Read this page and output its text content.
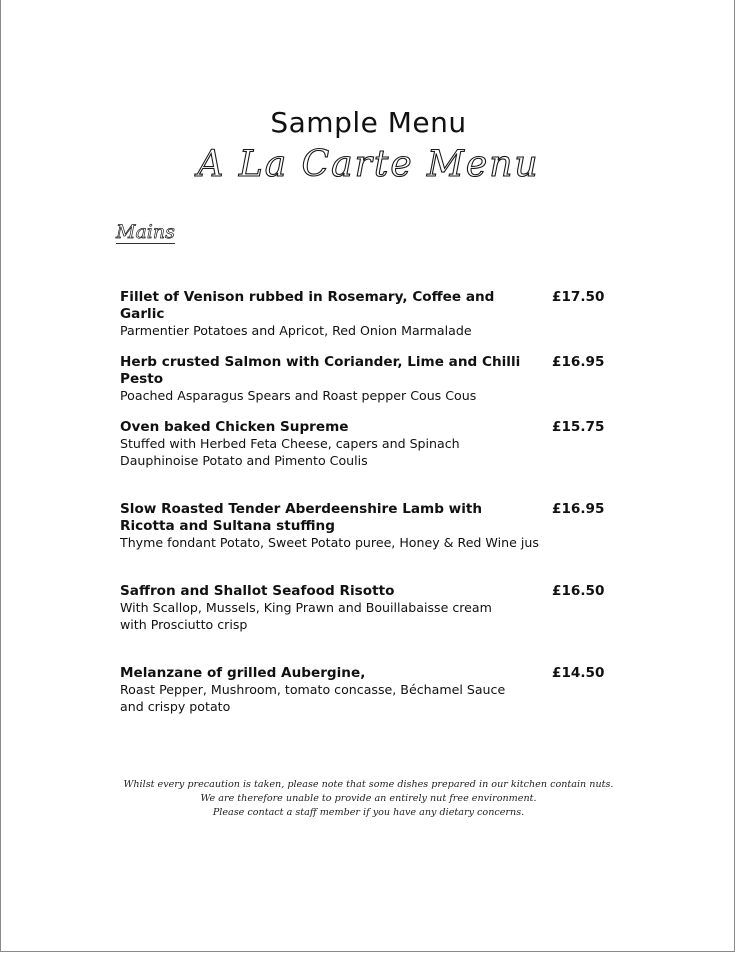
Sample Menu
A La Carte Menu
Mains
Fillet of Venison rubbed in Rosemary, Coffee and Garlic
£17.50
Parmentier Potatoes and Apricot, Red Onion Marmalade
Herb crusted Salmon with Coriander, Lime and Chilli Pesto
£16.95
Poached Asparagus Spears and Roast pepper Cous Cous
Oven baked Chicken Supreme	£15.75
Stuffed with Herbed Feta Cheese, capers and Spinach
Dauphinoise Potato and Pimento Coulis
Slow Roasted Tender Aberdeenshire Lamb with Ricotta and Sultana stuffing
£16.95
Thyme fondant Potato, Sweet Potato puree, Honey & Red Wine jus
Saffron and Shallot Seafood Risotto	£16.50
With Scallop, Mussels, King Prawn and Bouillabaisse cream with Prosciutto crisp
Melanzane of grilled Aubergine,	£14.50
Roast Pepper, Mushroom, tomato concasse, Béchamel Sauce and crispy potato
Whilst every precaution is taken, please note that some dishes prepared in our kitchen contain nuts.
We are therefore unable to provide an entirely nut free environment.
Please contact a staff member if you have any dietary concerns.
